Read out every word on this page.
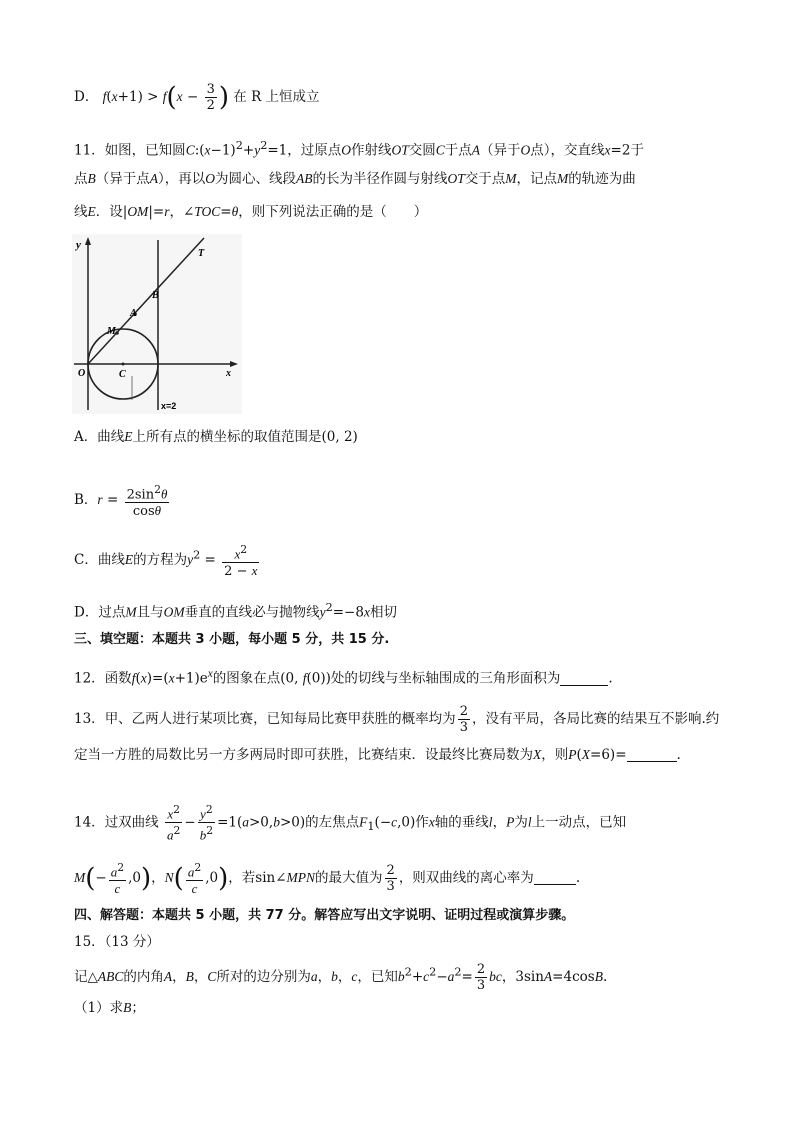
D． $f(x+1) > f(x - \frac{3}{2}$ ) 在 R 上恒成立
11．如图，已知圆$C:(x-1)^2+y^2=1$，过原点O作射线OT交圆C于点A（异于O点），交直线x=2于
点B（异于点A），再以O为圆心、线段AB的长为半径作圆与射线OT交于点M，记点M的轨迹为曲
线E．设|OM|=r，∠TOC=θ，则下列说法正确的是（　　）
y
T
B
A
M
O	C	x
x=2
A．曲线E上所有点的横坐标的取值范围是(0, 2)
B．$r = \frac{2\sin^2\theta}{\cos\theta}$
C．曲线E的方程为$y^2 = \frac{x^2}{2 - x}$
D．过点M且与OM垂直的直线必与抛物线$y^2=-8x$相切
三、填空题：本题共 3 小题，每小题 5 分，共 15 分.
12．函数$f(x)=(x+1)e^x$的图象在点(0, f(0))处的切线与坐标轴围成的三角形面积为	.
13．甲、乙两人进行某项比赛，已知每局比赛甲获胜的概率均为 $\frac{2}{3}$ ，没有平局，各局比赛的结果互不影响.约
定当一方胜的局数比另一方多两局时即可获胜，比赛结束．设最终比赛局数为X，则P(X=6)=	.
14．过双曲线 $\frac{x^2}{a^2} - \frac{y^2}{b^2} =1(a>0,b>0)$的左焦点$F_1(-c,0)$作x轴的垂线l，P为l上一动点，已知
$M(- \frac{a^2}{c} ,0)$，$N( \frac{a^2}{c} ,0)$，若sin∠MPN的最大值为 $\frac{2}{3}$ ，则双曲线的离心率为	.
四、解答题：本题共 5 小题，共 77 分。解答应写出文字说明、证明过程或演算步骤。
15．（13 分）
记△ABC的内角A，B，C所对的边分别为a，b，c，已知$b^2+c^2-a^2= \frac{2}{3}$ bc，3sinA=4cosB.
（1）求B；
